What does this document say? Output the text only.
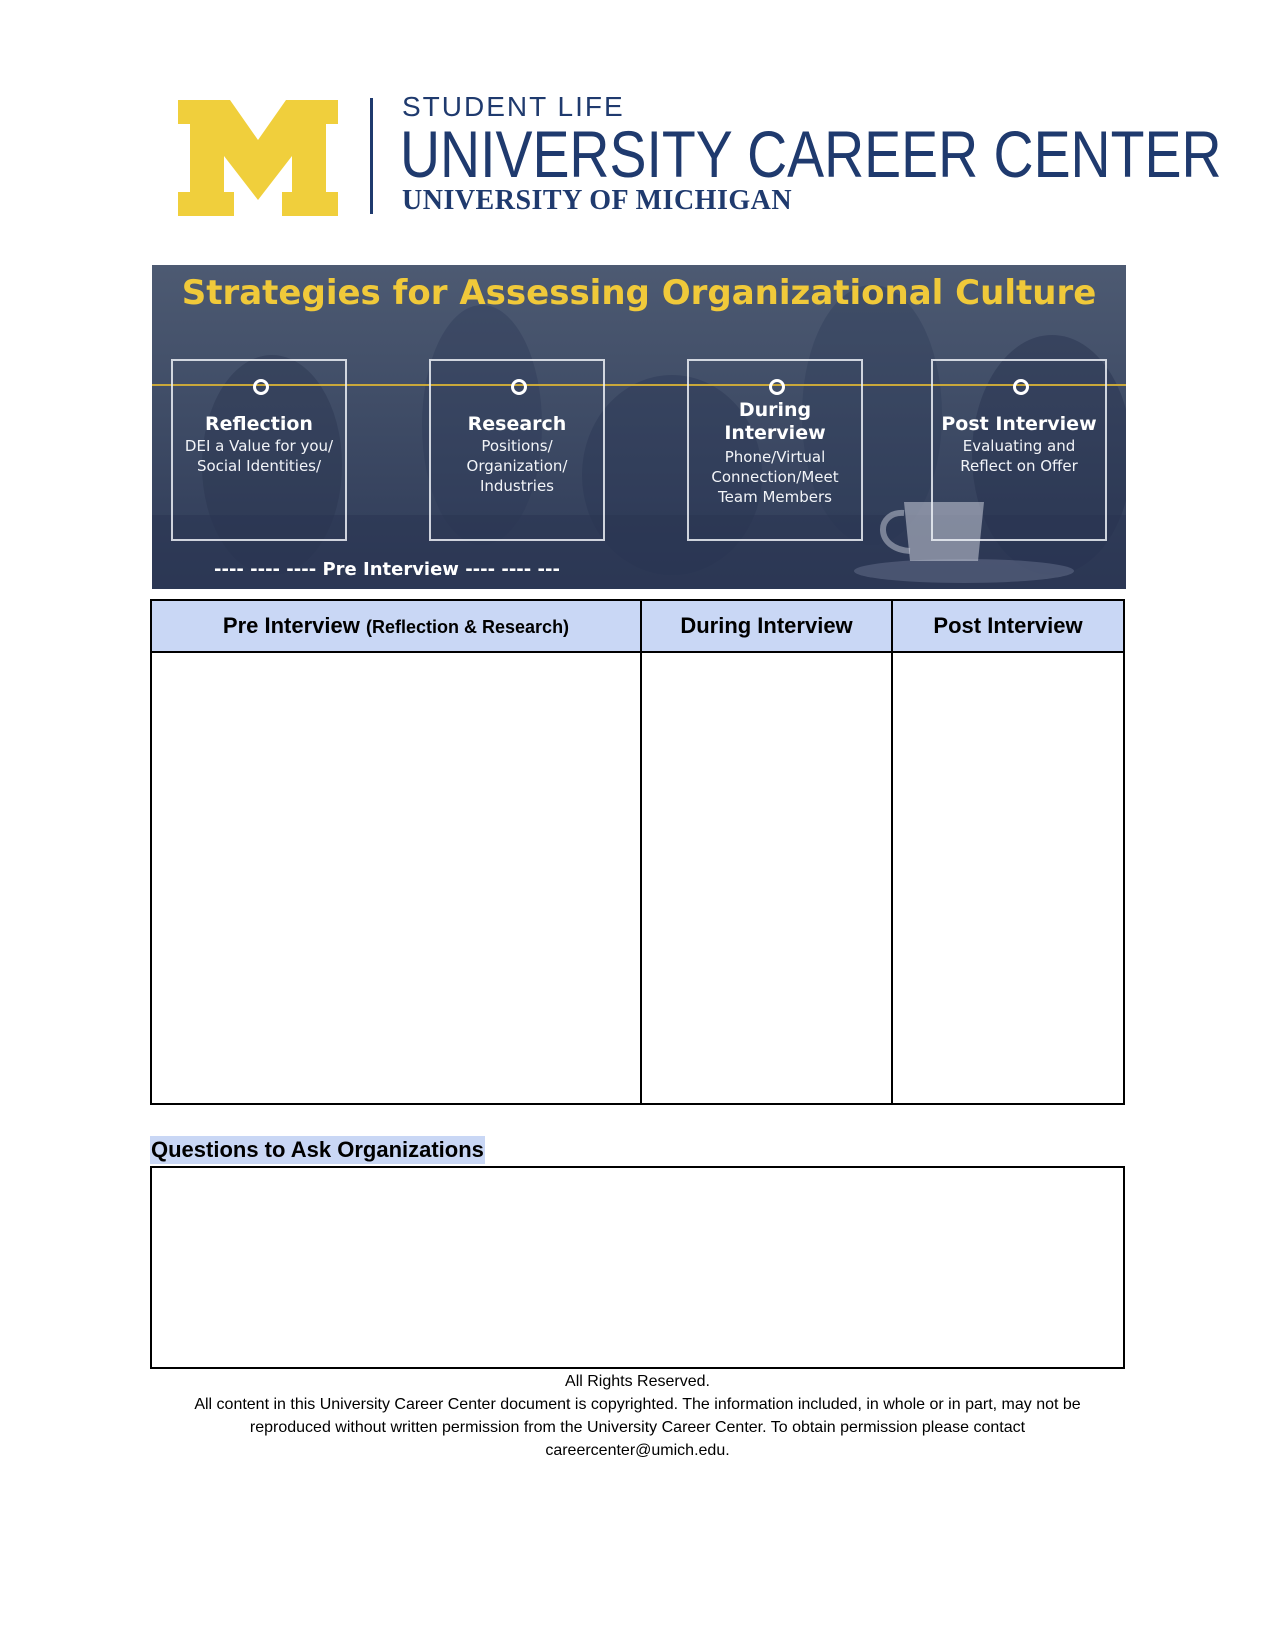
STUDENT LIFE
UNIVERSITY CAREER CENTER
UNIVERSITY OF MICHIGAN
Strategies for Assessing Organizational Culture
Reflection
DEI a Value for you/
Social Identities/
Research
Positions/
Organization/
Industries
During
Interview
Phone/Virtual
Connection/Meet
Team Members
Post Interview
Evaluating and
Reflect on Offer
---- ---- ---- Pre Interview ---- ---- ---
Pre Interview (Reflection & Research)	During Interview	Post Interview
Questions to Ask Organizations
All Rights Reserved.
All content in this University Career Center document is copyrighted. The information included, in whole or in part, may not be
reproduced without written permission from the University Career Center. To obtain permission please contact
careercenter@umich.edu.
